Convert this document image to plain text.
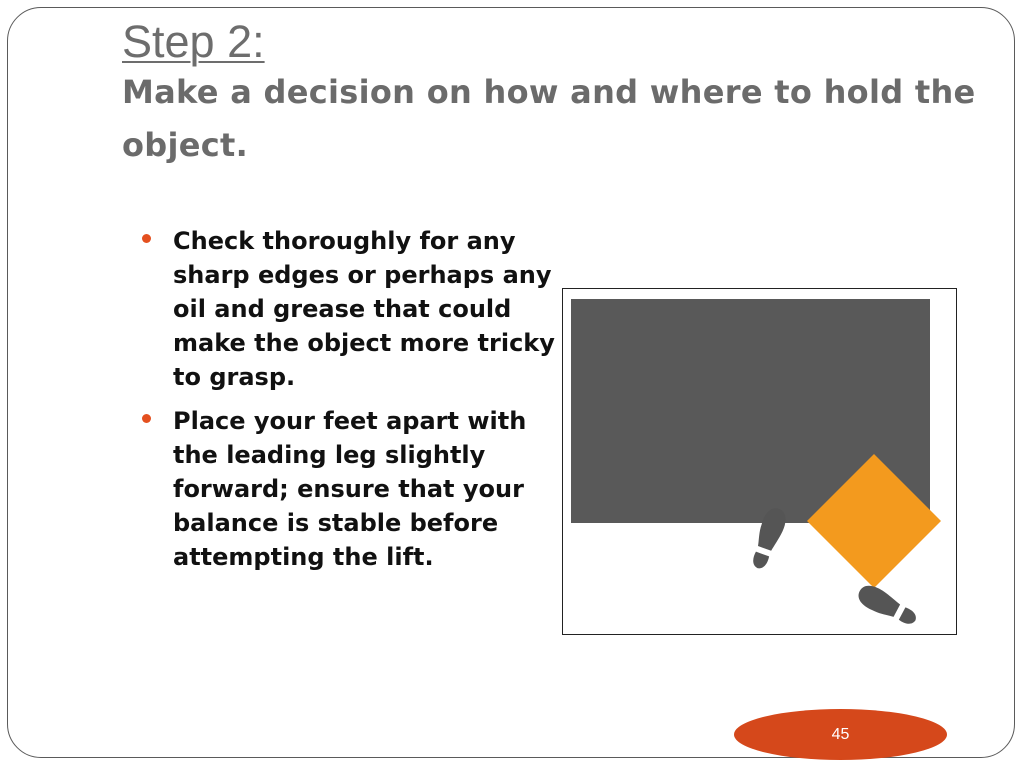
Step 2:
Make a decision on how and where to hold the object.
Check thoroughly for any sharp edges or perhaps any oil and grease that could make the object more tricky to grasp.
Place your feet apart with the leading leg slightly forward; ensure that your balance is stable before attempting the lift.
45
